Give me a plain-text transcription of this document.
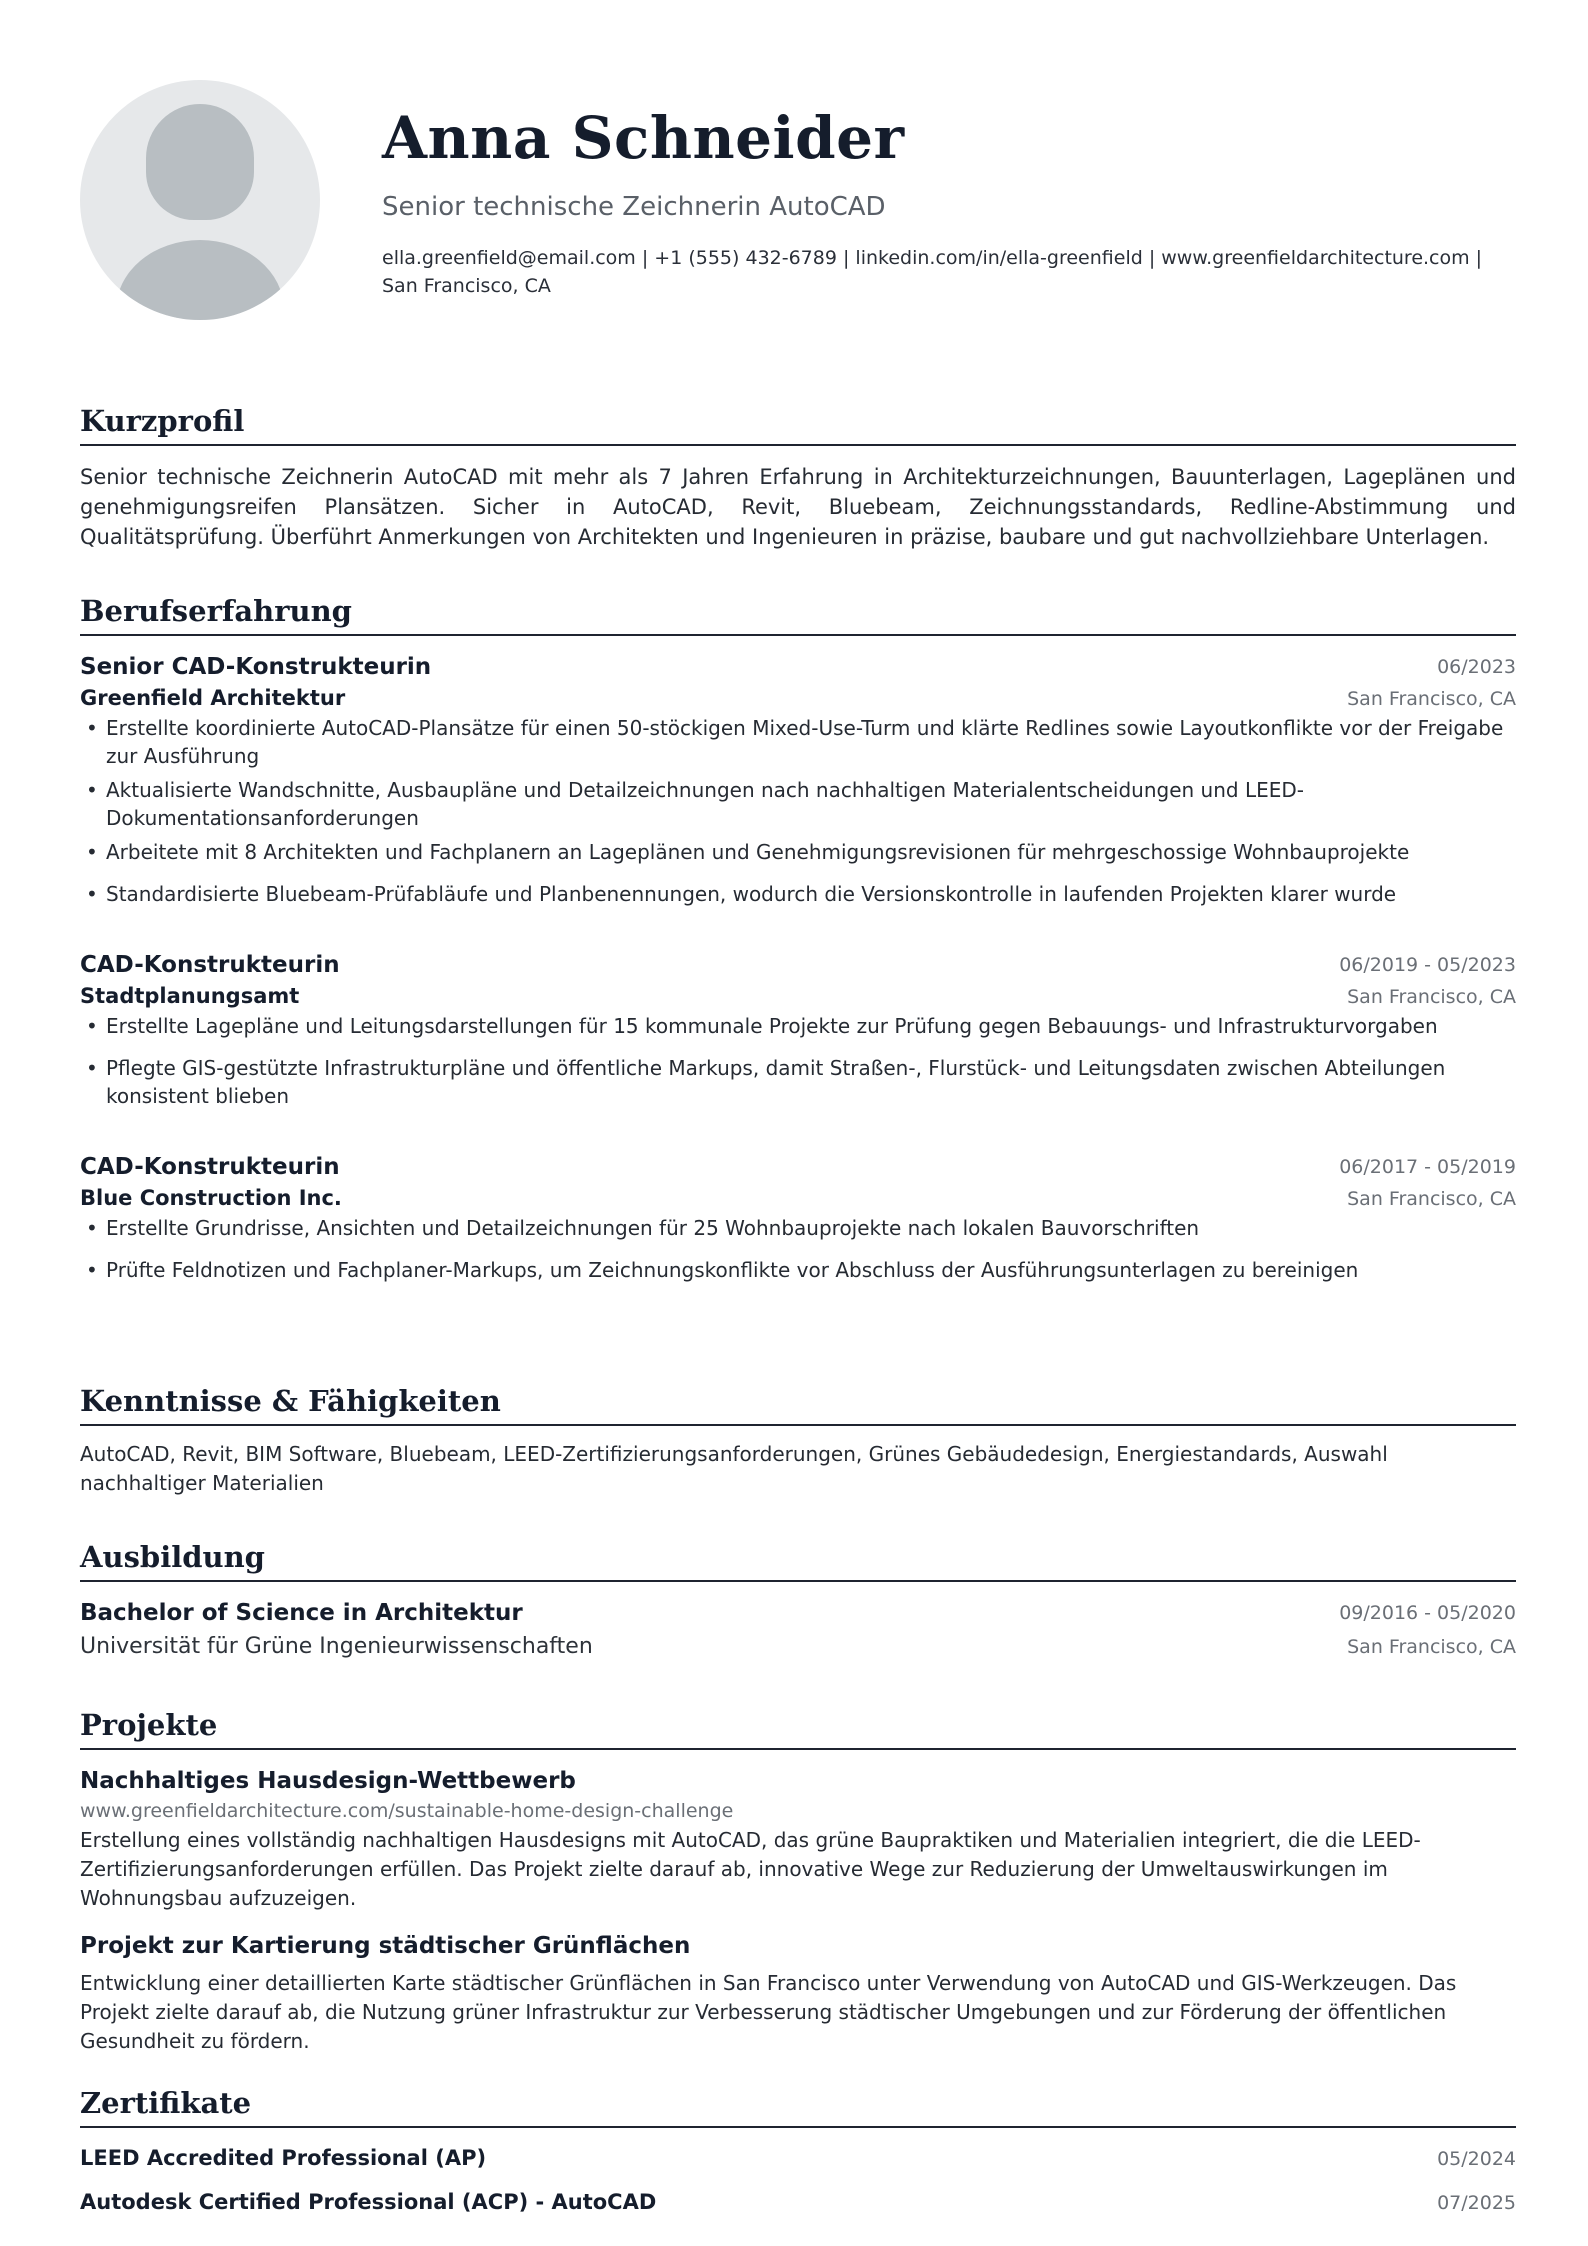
Anna Schneider
Senior technische Zeichnerin AutoCAD
ella.greenfield@email.com | +1 (555) 432-6789 | linkedin.com/in/ella-greenfield | www.greenfieldarchitecture.com | San Francisco, CA
Kurzprofil
Senior technische Zeichnerin AutoCAD mit mehr als 7 Jahren Erfahrung in Architekturzeichnungen, Bauunterlagen, Lageplänen und genehmigungsreifen Plansätzen. Sicher in AutoCAD, Revit, Bluebeam, Zeichnungsstandards, Redline-Abstimmung und Qualitätsprüfung. Überführt Anmerkungen von Architekten und Ingenieuren in präzise, baubare und gut nachvollziehbare Unterlagen.
Berufserfahrung
Senior CAD-Konstrukteurin	06/2023
Greenfield Architektur	San Francisco, CA
• Erstellte koordinierte AutoCAD-Plansätze für einen 50-stöckigen Mixed-Use-Turm und klärte Redlines sowie Layoutkonflikte vor der Freigabe zur Ausführung
• Aktualisierte Wandschnitte, Ausbaupläne und Detailzeichnungen nach nachhaltigen Materialentscheidungen und LEED-Dokumentationsanforderungen
• Arbeitete mit 8 Architekten und Fachplanern an Lageplänen und Genehmigungsrevisionen für mehrgeschossige Wohnbauprojekte
• Standardisierte Bluebeam-Prüfabläufe und Planbenennungen, wodurch die Versionskontrolle in laufenden Projekten klarer wurde
CAD-Konstrukteurin	06/2019 - 05/2023
Stadtplanungsamt	San Francisco, CA
• Erstellte Lagepläne und Leitungsdarstellungen für 15 kommunale Projekte zur Prüfung gegen Bebauungs- und Infrastrukturvorgaben
• Pflegte GIS-gestützte Infrastrukturpläne und öffentliche Markups, damit Straßen-, Flurstück- und Leitungsdaten zwischen Abteilungen konsistent blieben
CAD-Konstrukteurin	06/2017 - 05/2019
Blue Construction Inc.	San Francisco, CA
• Erstellte Grundrisse, Ansichten und Detailzeichnungen für 25 Wohnbauprojekte nach lokalen Bauvorschriften
• Prüfte Feldnotizen und Fachplaner-Markups, um Zeichnungskonflikte vor Abschluss der Ausführungsunterlagen zu bereinigen
Kenntnisse & Fähigkeiten
AutoCAD, Revit, BIM Software, Bluebeam, LEED-Zertifizierungsanforderungen, Grünes Gebäudedesign, Energiestandards, Auswahl nachhaltiger Materialien
Ausbildung
Bachelor of Science in Architektur	09/2016 - 05/2020
Universität für Grüne Ingenieurwissenschaften	San Francisco, CA
Projekte
Nachhaltiges Hausdesign-Wettbewerb
www.greenfieldarchitecture.com/sustainable-home-design-challenge
Erstellung eines vollständig nachhaltigen Hausdesigns mit AutoCAD, das grüne Baupraktiken und Materialien integriert, die die LEED-Zertifizierungsanforderungen erfüllen. Das Projekt zielte darauf ab, innovative Wege zur Reduzierung der Umweltauswirkungen im Wohnungsbau aufzuzeigen.
Projekt zur Kartierung städtischer Grünflächen
Entwicklung einer detaillierten Karte städtischer Grünflächen in San Francisco unter Verwendung von AutoCAD und GIS-Werkzeugen. Das Projekt zielte darauf ab, die Nutzung grüner Infrastruktur zur Verbesserung städtischer Umgebungen und zur Förderung der öffentlichen Gesundheit zu fördern.
Zertifikate
LEED Accredited Professional (AP)	05/2024
Autodesk Certified Professional (ACP) - AutoCAD	07/2025
